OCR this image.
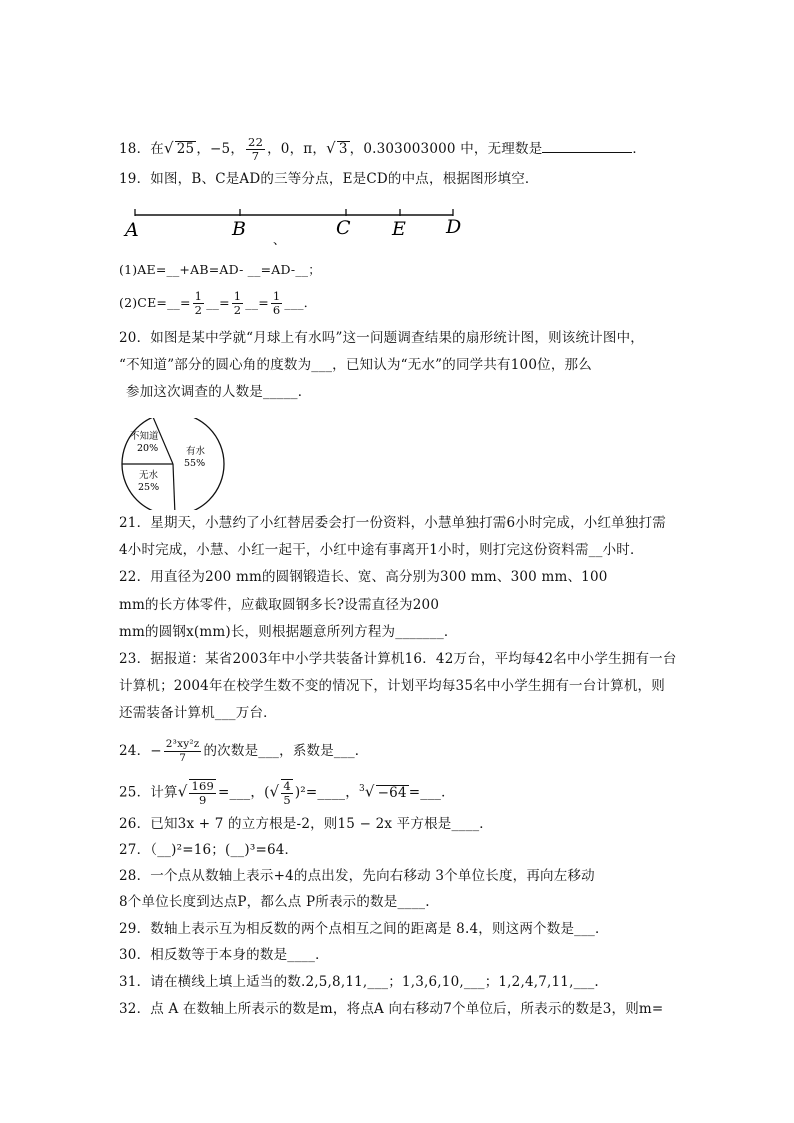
18．在√ 25 ，−5， $\frac{22}{7}$ ，0，π，√ 3 ，0.303003000 中，无理数是	．
19．如图，B、C是AD的三等分点，E是CD的中点，根据图形填空．
A	B	C E D
、
(1)AE=__+AB=AD- __=AD-__；
(2)CE=__= $\frac{1}{2}$ __= $\frac{1}{2}$ __= $\frac{1}{6}$ ___．
20．如图是某中学就“月球上有水吗”这一问题调查结果的扇形统计图，则该统计图中，
“不知道”部分的圆心角的度数为___，已知认为“无水”的同学共有100位，那么
参加这次调查的人数是_____．
不知道
20%
无水
25%
有水
55%
21．星期天，小慧约了小红替居委会打一份资料，小慧单独打需6小时完成，小红单独打需
4小时完成，小慧、小红一起干，小红中途有事离开1小时，则打完这份资料需__小时．
22．用直径为200 mm的圆钢锻造长、宽、高分别为300 mm、300 mm、100
mm的长方体零件，应截取圆钢多长?设需直径为200
mm的圆钢x(mm)长，则根据题意所列方程为_______．
23．据报道：某省2003年中小学共装备计算机16．42万台，平均每42名中小学生拥有一台
计算机；2004年在校学生数不变的情况下，计划平均每35名中小学生拥有一台计算机，则
还需装备计算机___万台．
24．− $\frac{\text{2³xy²z}}{7}$ 的次数是___，系数是___．
25．计算√ $\frac{169}{9}$ =___，(√ $\frac{4}{5}$ )²=____，$^3$√ −64 =___．
26．已知3x + 7 的立方根是-2，则15 − 2x 平方根是____．
27．（__)²=16；(__)³=64．
28．一个点从数轴上表示+4的点出发，先向右移动 3个单位长度，再向左移动
8个单位长度到达点P，都么点 P所表示的数是____.
29．数轴上表示互为相反数的两个点相互之间的距离是 8.4，则这两个数是___．
30．相反数等于本身的数是____．
31．请在横线上填上适当的数.2,5,8,11,___；1,3,6,10,___；1,2,4,7,11,___.
32．点 A 在数轴上所表示的数是m，将点A 向右移动7个单位后，所表示的数是3，则m=
